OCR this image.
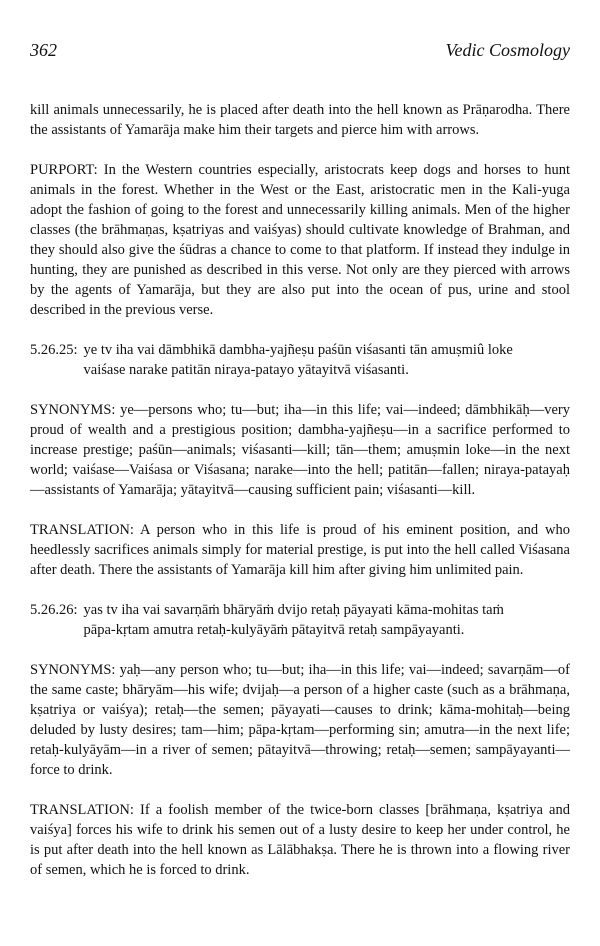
362	Vedic Cosmology

kill animals unnecessarily, he is placed after death into the hell known as Prāṇarodha. There the assistants of Yamarāja make him their targets and pierce him with arrows.

PURPORT: In the Western countries especially, aristocrats keep dogs and horses to hunt animals in the forest. Whether in the West or the East, aristocratic men in the Kali-yuga adopt the fashion of going to the forest and unnecessarily killing animals. Men of the higher classes (the brāhmaṇas, kṣatriyas and vaiśyas) should cultivate knowledge of Brahman, and they should also give the śūdras a chance to come to that platform. If instead they indulge in hunting, they are punished as described in this verse. Not only are they pierced with arrows by the agents of Yamarāja, but they are also put into the ocean of pus, urine and stool described in the previous verse.

5.26.25: ye tv iha vai dāmbhikā dambha-yajñeṣu paśūn viśasanti tān amuṣmiû loke
vaiśase narake patitān niraya-patayo yātayitvā viśasanti.

SYNONYMS: ye—persons who; tu—but; iha—in this life; vai—indeed; dāmbhikāḥ—very proud of wealth and a prestigious position; dambha-yajñeṣu—in a sacrifice performed to increase prestige; paśūn—animals; viśasanti—kill; tān—them; amuṣmin loke—in the next world; vaiśase—Vaiśasa or Viśasana; narake—into the hell; patitān—fallen; niraya-patayaḥ—assistants of Yamarāja; yātayitvā—causing sufficient pain; viśasanti—kill.

TRANSLATION: A person who in this life is proud of his eminent position, and who heedlessly sacrifices animals simply for material prestige, is put into the hell called Viśasana after death. There the assistants of Yamarāja kill him after giving him unlimited pain.

5.26.26: yas tv iha vai savarṇāṁ bhāryāṁ dvijo retaḥ pāyayati kāma-mohitas taṁ
pāpa-kṛtam amutra retaḥ-kulyāyāṁ pātayitvā retaḥ sampāyayanti.

SYNONYMS: yaḥ—any person who; tu—but; iha—in this life; vai—indeed; savarṇām—of the same caste; bhāryām—his wife; dvijaḥ—a person of a higher caste (such as a brāhmaṇa, kṣatriya or vaiśya); retaḥ—the semen; pāyayati—causes to drink; kāma-mohitaḥ—being deluded by lusty desires; tam—him; pāpa-kṛtam—performing sin; amutra—in the next life; retaḥ-kulyāyām—in a river of semen; pātayitvā—throwing; retaḥ—semen; sampāyayanti—force to drink.

TRANSLATION: If a foolish member of the twice-born classes [brāhmaṇa, kṣatriya and vaiśya] forces his wife to drink his semen out of a lusty desire to keep her under control, he is put after death into the hell known as Lālābhakṣa. There he is thrown into a flowing river of semen, which he is forced to drink.
